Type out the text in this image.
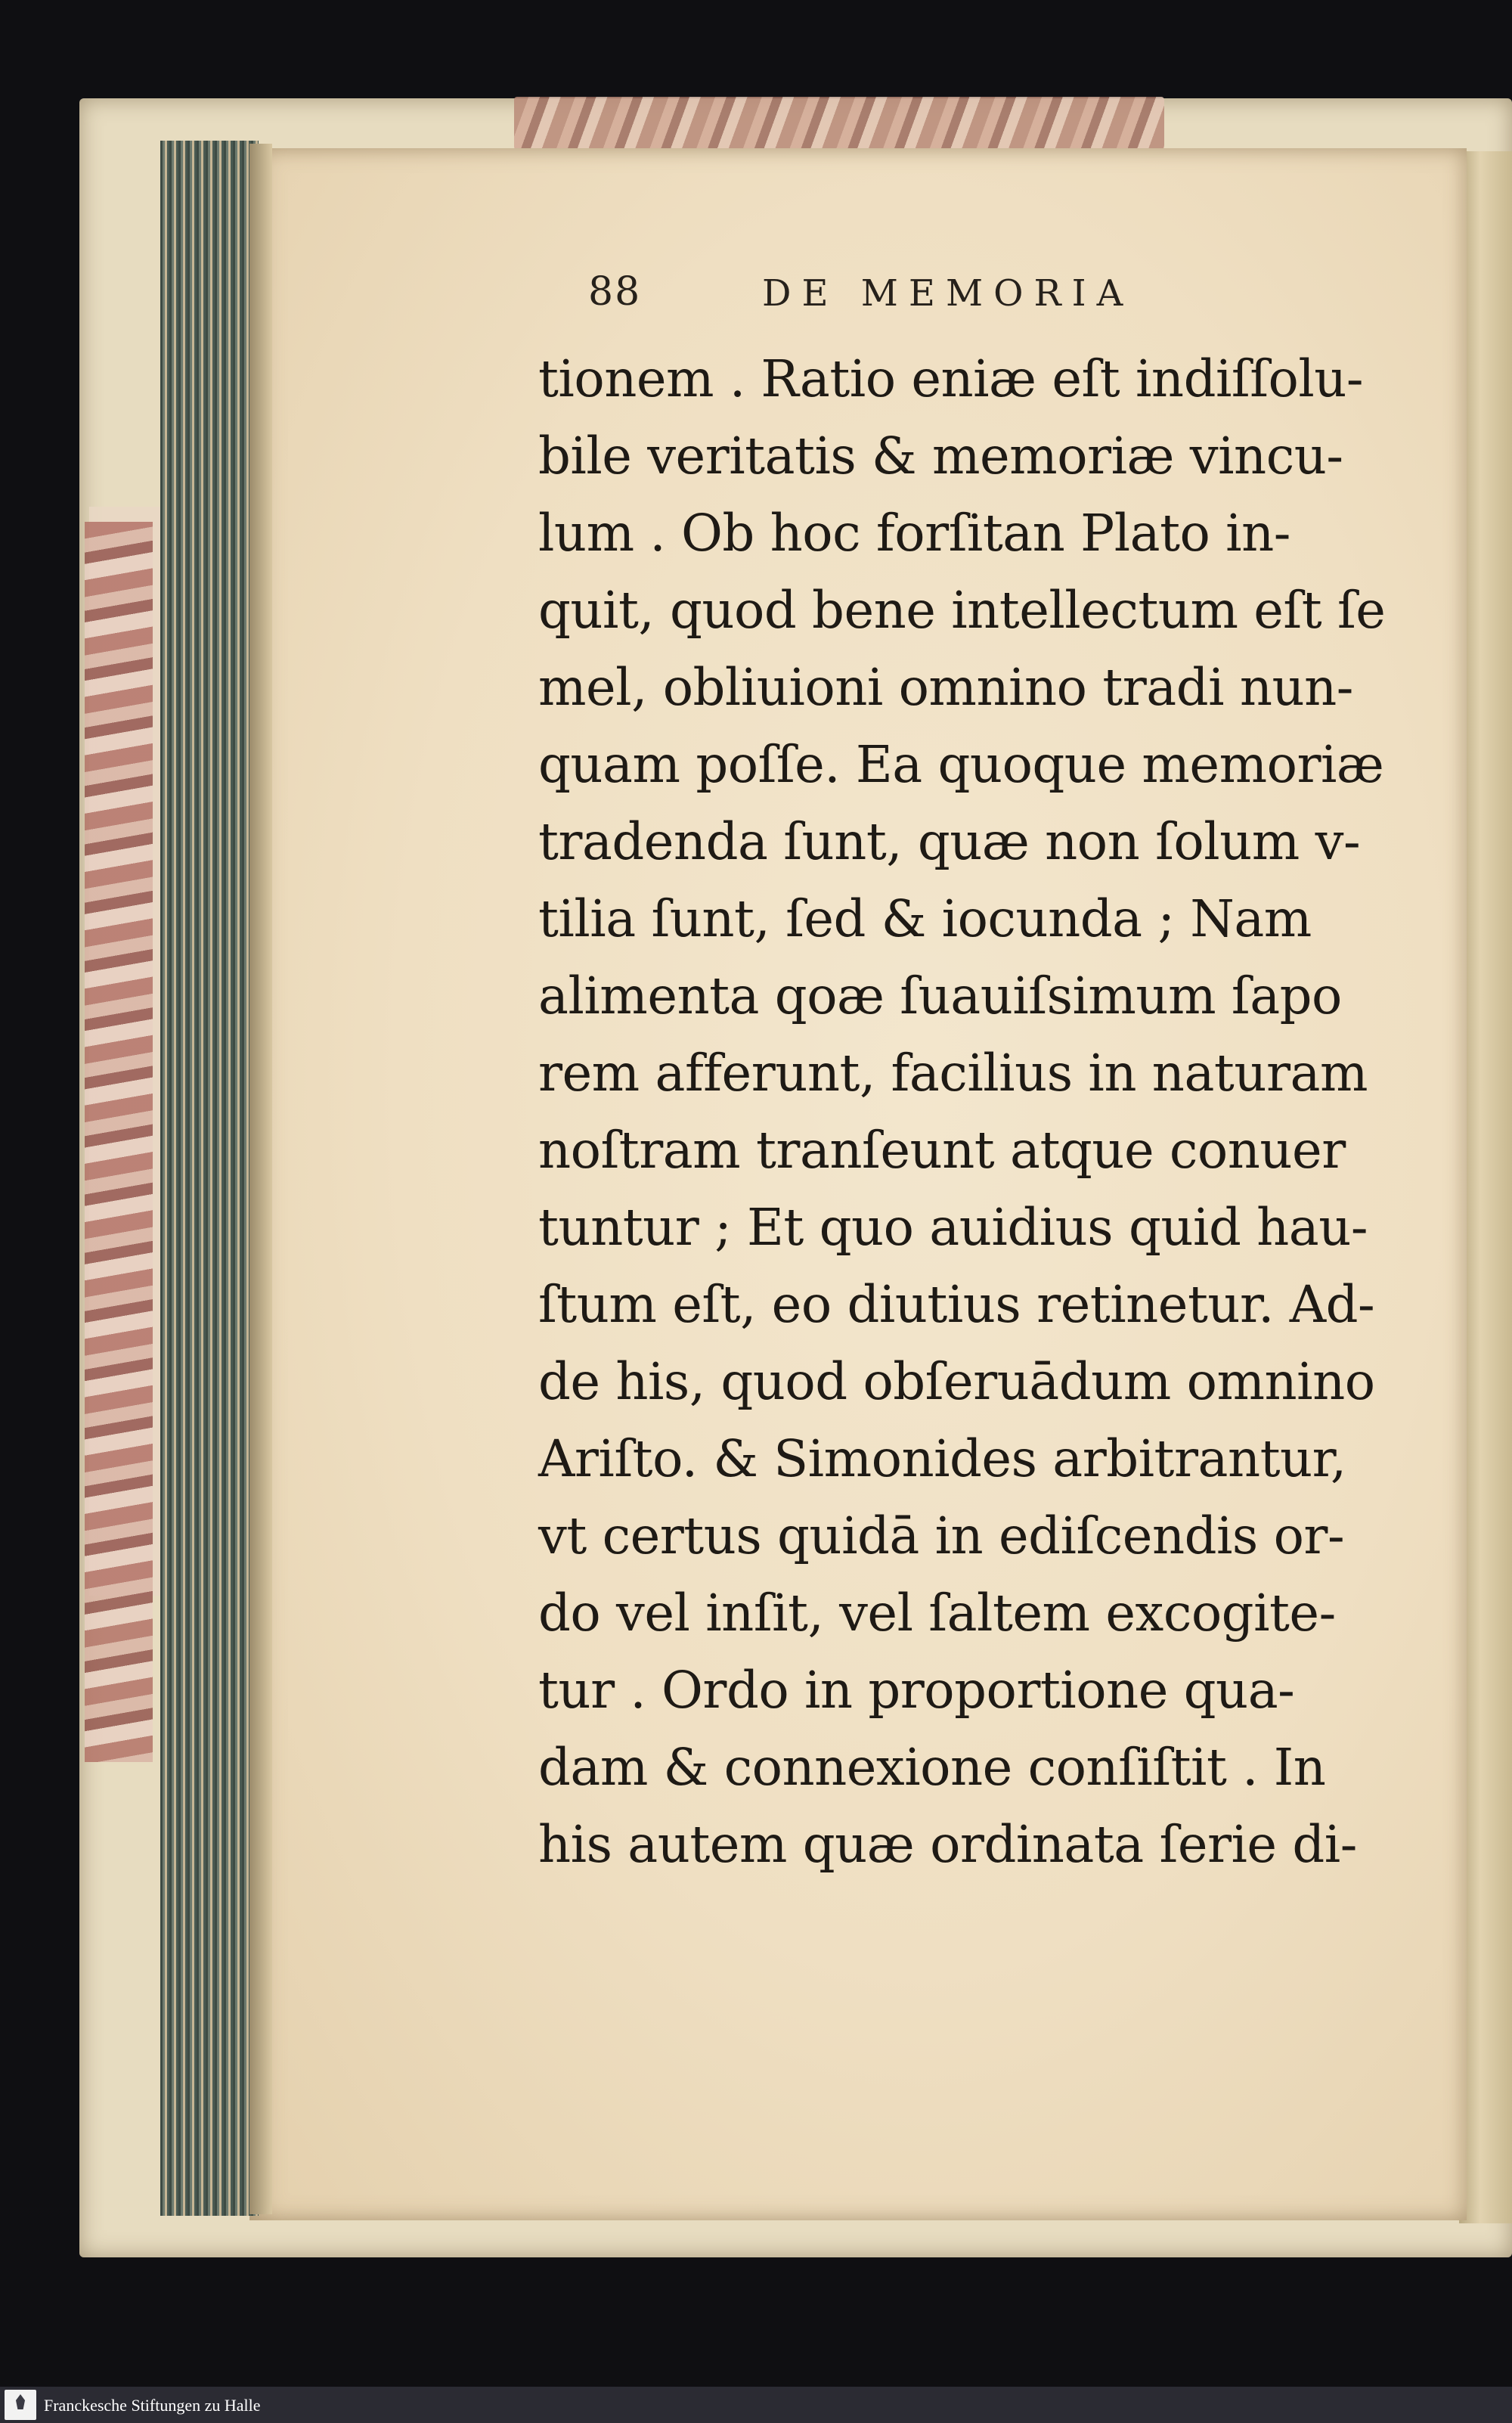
88	DE MEMORIA
tionem . Ratio eniæ eſt indiſſolu-
bile veritatis & memoriæ vincu-
lum . Ob hoc forſitan Plato in-
quit, quod bene intellectum eſt ſe
mel, obliuioni omnino tradi nun-
quam poſſe. Ea quoque memoriæ
tradenda ſunt, quæ non ſolum v-
tilia ſunt, ſed & iocunda ; Nam
alimenta qoæ ſuauiſsimum ſapo
rem afferunt, facilius in naturam
noſtram tranſeunt atque conuer
tuntur ; Et quo auidius quid hau-
ſtum eſt, eo diutius retinetur. Ad-
de his, quod obſeruādum omnino
Ariſto. & Simonides arbitrantur,
vt certus quidā in ediſcendis or-
do vel inſit, vel ſaltem excogite-
tur . Ordo in proportione qua-
dam & connexione conſiſtit . In
his autem quæ ordinata ſerie di-
Franckesche Stiftungen zu Halle
